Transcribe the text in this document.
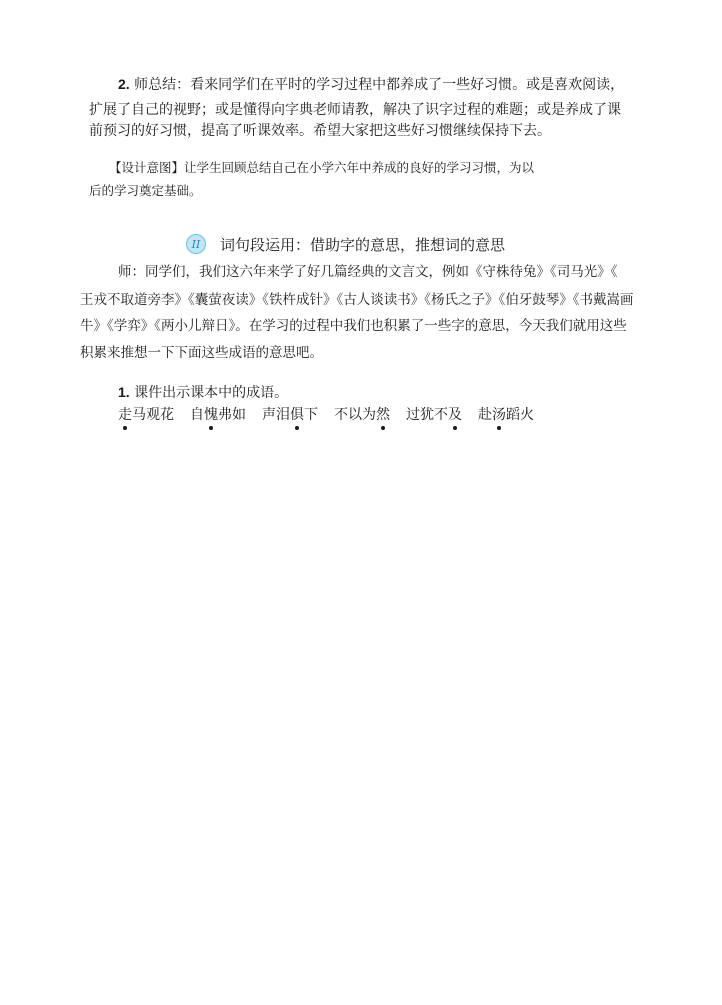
2. 师总结：看来同学们在平时的学习过程中都养成了一些好习惯。或是喜欢阅读，
扩展了自己的视野；或是懂得向字典老师请教，解决了识字过程的难题；或是养成了课
前预习的好习惯，提高了听课效率。希望大家把这些好习惯继续保持下去。
【设计意图】让学生回顾总结自己在小学六年中养成的良好的学习习惯，为以
后的学习奠定基础。
II	词句段运用：借助字的意思，推想词的意思
师：同学们，我们这六年来学了好几篇经典的文言文，例如《守株待兔》《司马光》《
王戎不取道旁李》《囊萤夜读》《铁杵成针》《古人谈读书》《杨氏之子》《伯牙鼓琴》《书戴嵩画
牛》《学弈》《两小儿辩日》。在学习的过程中我们也积累了一些字的意思，今天我们就用这些
积累来推想一下下面这些成语的意思吧。
1. 课件出示课本中的成语。
走马观花 自愧弗如 声泪俱下 不以为然 过犹不及 赴汤蹈火
